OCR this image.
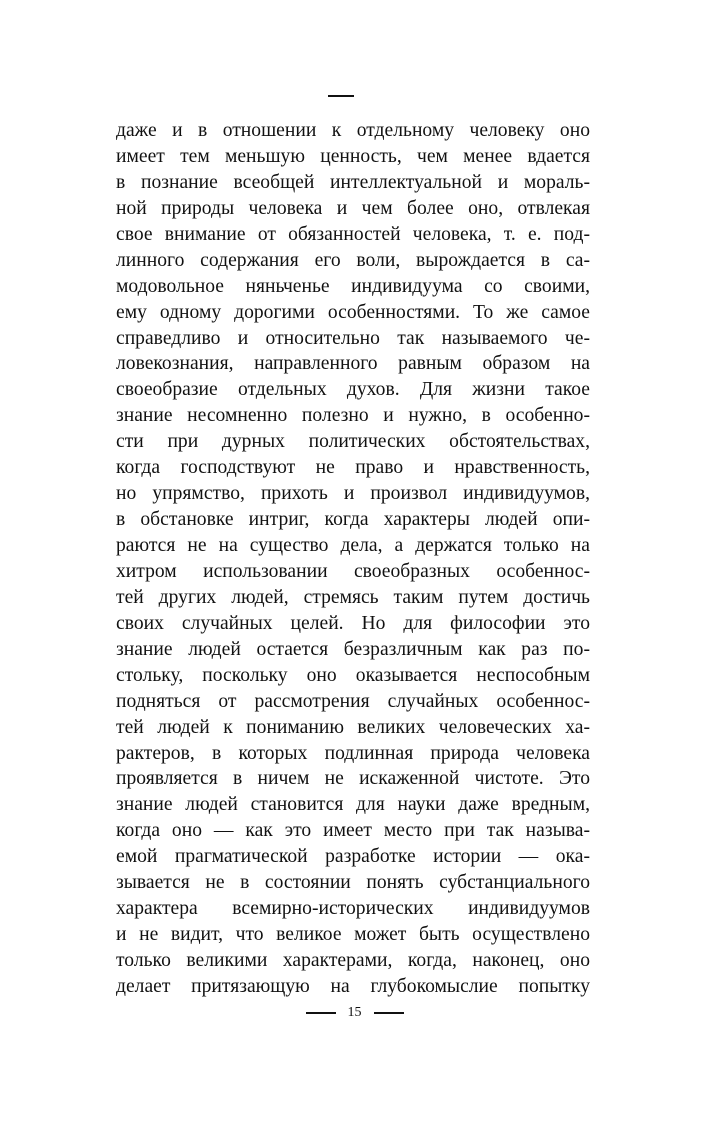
даже и в отношении к отдельному человеку оно
имеет тем меньшую ценность, чем менее вдается
в познание всеобщей интеллектуальной и мораль-
ной природы человека и чем более оно, отвлекая
свое внимание от обязанностей человека, т. е. под-
линного содержания его воли, вырождается в са-
модовольное няньченье индивидуума со своими,
ему одному дорогими особенностями. То же самое
справедливо и относительно так называемого че-
ловекознания, направленного равным образом на
своеобразие отдельных духов. Для жизни такое
знание несомненно полезно и нужно, в особенно-
сти при дурных политических обстоятельствах,
когда господствуют не право и нравственность,
но упрямство, прихоть и произвол индивидуумов,
в обстановке интриг, когда характеры людей опи-
раются не на существо дела, а держатся только на
хитром использовании своеобразных особеннос-
тей других людей, стремясь таким путем достичь
своих случайных целей. Но для философии это
знание людей остается безразличным как раз по-
стольку, поскольку оно оказывается неспособным
подняться от рассмотрения случайных особеннос-
тей людей к пониманию великих человеческих ха-
рактеров, в которых подлинная природа человека
проявляется в ничем не искаженной чистоте. Это
знание людей становится для науки даже вредным,
когда оно — как это имеет место при так называ-
емой прагматической разработке истории — ока-
зывается не в состоянии понять субстанциального
характера всемирно-исторических индивидуумов
и не видит, что великое может быть осуществлено
только великими характерами, когда, наконец, оно
делает притязающую на глубокомыслие попытку
15
